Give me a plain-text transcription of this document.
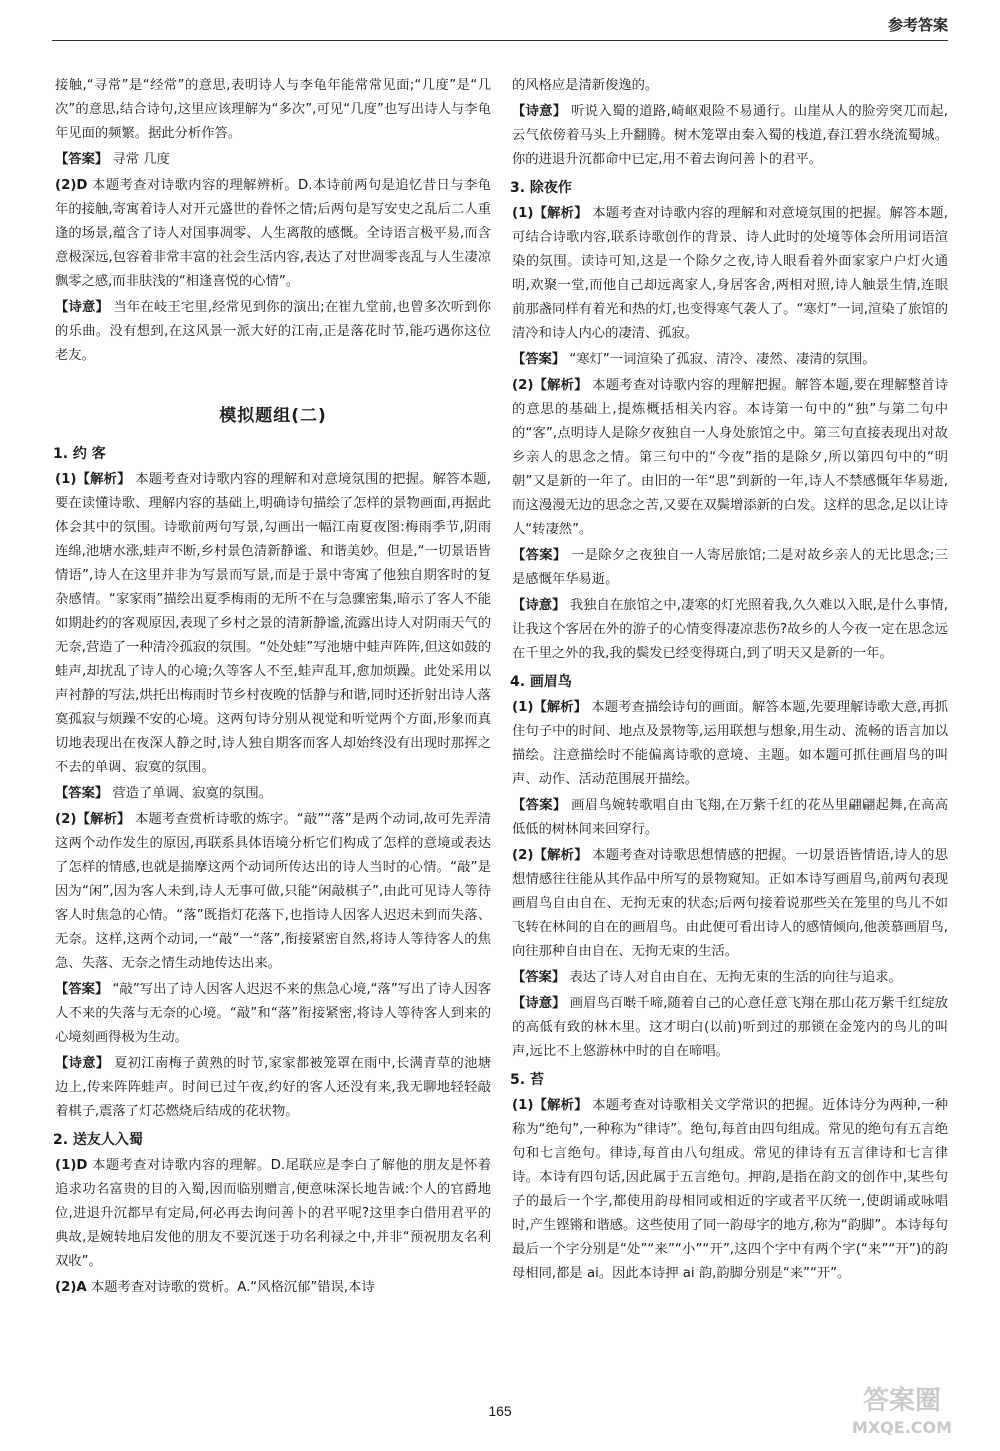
参考答案

接触,“寻常”是“经常”的意思,表明诗人与李龟年能常常见面;“几度”是“几次”的意思,结合诗句,这里应该理解为“多次”,可见“几度”也写出诗人与李龟年见面的频繁。据此分析作答。

【答案】 寻常 几度

(2)D 本题考查对诗歌内容的理解辨析。D.本诗前两句是追忆昔日与李龟年的接触,寄寓着诗人对开元盛世的眷怀之情;后两句是写安史之乱后二人重逢的场景,蕴含了诗人对国事凋零、人生离散的感慨。全诗语言极平易,而含意极深远,包容着非常丰富的社会生活内容,表达了对世凋零丧乱与人生凄凉飘零之感,而非肤浅的“相逢喜悦的心情”。

【诗意】 当年在岐王宅里,经常见到你的演出;在崔九堂前,也曾多次听到你的乐曲。没有想到,在这风景一派大好的江南,正是落花时节,能巧遇你这位老友。

模拟题组(二)
1. 约 客

(1)【解析】 本题考查对诗歌内容的理解和对意境氛围的把握。解答本题,要在读懂诗歌、理解内容的基础上,明确诗句描绘了怎样的景物画面,再据此体会其中的氛围。诗歌前两句写景,勾画出一幅江南夏夜图:梅雨季节,阴雨连绵,池塘水涨,蛙声不断,乡村景色清新静谧、和谐美妙。但是,“一切景语皆情语”,诗人在这里并非为写景而写景,而是于景中寄寓了他独自期客时的复杂感情。“家家雨”描绘出夏季梅雨的无所不在与急骤密集,暗示了客人不能如期赴约的客观原因,表现了乡村之景的清新静谧,流露出诗人对阴雨天气的无奈,营造了一种清冷孤寂的氛围。“处处蛙”写池塘中蛙声阵阵,但这如鼓的蛙声,却扰乱了诗人的心境;久等客人不至,蛙声乱耳,愈加烦躁。此处采用以声衬静的写法,烘托出梅雨时节乡村夜晚的恬静与和谐,同时还折射出诗人落寞孤寂与烦躁不安的心境。这两句诗分别从视觉和听觉两个方面,形象而真切地表现出在夜深人静之时,诗人独自期客而客人却始终没有出现时那挥之不去的单调、寂寞的氛围。

【答案】 营造了单调、寂寞的氛围。

(2)【解析】 本题考查赏析诗歌的炼字。“敲”“落”是两个动词,故可先弄清这两个动作发生的原因,再联系具体语境分析它们构成了怎样的意境或表达了怎样的情感,也就是揣摩这两个动词所传达出的诗人当时的心情。“敲”是因为“闲”,因为客人未到,诗人无事可做,只能“闲敲棋子”,由此可见诗人等待客人时焦急的心情。“落”既指灯花落下,也指诗人因客人迟迟未到而失落、无奈。这样,这两个动词,一“敲”一“落”,衔接紧密自然,将诗人等待客人的焦急、失落、无奈之情生动地传达出来。

【答案】 “敲”写出了诗人因客人迟迟不来的焦急心境,“落”写出了诗人因客人不来的失落与无奈的心境。“敲”和“落”衔接紧密,将诗人等待客人到来的心境刻画得极为生动。

【诗意】 夏初江南梅子黄熟的时节,家家都被笼罩在雨中,长满青草的池塘边上,传来阵阵蛙声。时间已过午夜,约好的客人还没有来,我无聊地轻轻敲着棋子,震落了灯芯燃烧后结成的花状物。

2. 送友人入蜀

(1)D 本题考查对诗歌内容的理解。D.尾联应是李白了解他的朋友是怀着追求功名富贵的目的入蜀,因而临别赠言,便意味深长地告诫:个人的官爵地位,进退升沉都早有定局,何必再去询问善卜的君平呢?这里李白借用君平的典故,是婉转地启发他的朋友不要沉迷于功名利禄之中,并非“预祝朋友名利双收”。

(2)A 本题考查对诗歌的赏析。A.“风格沉郁”错误,本诗

的风格应是清新俊逸的。

【诗意】 听说入蜀的道路,崎岖艰险不易通行。山崖从人的脸旁突兀而起,云气依傍着马头上升翻腾。树木笼罩由秦入蜀的栈道,春江碧水绕流蜀城。你的进退升沉都命中已定,用不着去询问善卜的君平。

3. 除夜作

(1)【解析】 本题考查对诗歌内容的理解和对意境氛围的把握。解答本题,可结合诗歌内容,联系诗歌创作的背景、诗人此时的处境等体会所用词语渲染的氛围。读诗可知,这是一个除夕之夜,诗人眼看着外面家家户户灯火通明,欢聚一堂,而他自己却远离家人,身居客舍,两相对照,诗人触景生情,连眼前那盏同样有着光和热的灯,也变得寒气袭人了。“寒灯”一词,渲染了旅馆的清冷和诗人内心的凄清、孤寂。

【答案】 “寒灯”一词渲染了孤寂、清冷、凄然、凄清的氛围。

(2)【解析】 本题考查对诗歌内容的理解把握。解答本题,要在理解整首诗的意思的基础上,提炼概括相关内容。本诗第一句中的“独”与第二句中的“客”,点明诗人是除夕夜独自一人身处旅馆之中。第三句直接表现出对故乡亲人的思念之情。第三句中的“今夜”指的是除夕,所以第四句中的“明朝”又是新的一年了。由旧的一年“思”到新的一年,诗人不禁感慨年华易逝,而这漫漫无边的思念之苦,又要在双鬓增添新的白发。这样的思念,足以让诗人“转凄然”。

【答案】 一是除夕之夜独自一人寄居旅馆;二是对故乡亲人的无比思念;三是感慨年华易逝。

【诗意】 我独自在旅馆之中,凄寒的灯光照着我,久久难以入眠,是什么事情,让我这个客居在外的游子的心情变得凄凉悲伤?故乡的人今夜一定在思念远在千里之外的我,我的鬓发已经变得斑白,到了明天又是新的一年。

4. 画眉鸟

(1)【解析】 本题考查描绘诗句的画面。解答本题,先要理解诗歌大意,再抓住句子中的时间、地点及景物等,运用联想与想象,用生动、流畅的语言加以描绘。注意描绘时不能偏离诗歌的意境、主题。如本题可抓住画眉鸟的叫声、动作、活动范围展开描绘。

【答案】 画眉鸟婉转歌唱自由飞翔,在万紫千红的花丛里翩翩起舞,在高高低低的树林间来回穿行。

(2)【解析】 本题考查对诗歌思想情感的把握。一切景语皆情语,诗人的思想情感往往能从其作品中所写的景物窥知。正如本诗写画眉鸟,前两句表现画眉鸟自由自在、无拘无束的状态;后两句接着说那些关在笼里的鸟儿不如飞转在林间的自在的画眉鸟。由此便可看出诗人的感情倾向,他羡慕画眉鸟,向往那种自由自在、无拘无束的生活。

【答案】 表达了诗人对自由自在、无拘无束的生活的向往与追求。

【诗意】 画眉鸟百啭千啼,随着自己的心意任意飞翔在那山花万紫千红绽放的高低有致的林木里。这才明白(以前)听到过的那锁在金笼内的鸟儿的叫声,远比不上悠游林中时的自在啼唱。

5. 苔

(1)【解析】 本题考查对诗歌相关文学常识的把握。近体诗分为两种,一种称为“绝句”,一种称为“律诗”。绝句,每首由四句组成。常见的绝句有五言绝句和七言绝句。律诗,每首由八句组成。常见的律诗有五言律诗和七言律诗。本诗有四句话,因此属于五言绝句。押韵,是指在韵文的创作中,某些句子的最后一个字,都使用韵母相同或相近的字或者平仄统一,使朗诵或咏唱时,产生铿锵和谐感。这些使用了同一韵母字的地方,称为“韵脚”。本诗每句最后一个字分别是“处”“来”“小”“开”,这四个字中有两个字(“来”“开”)的韵母相同,都是 ai。因此本诗押 ai 韵,韵脚分别是“来”“开”。

165	答案圈
MXQE.COM
